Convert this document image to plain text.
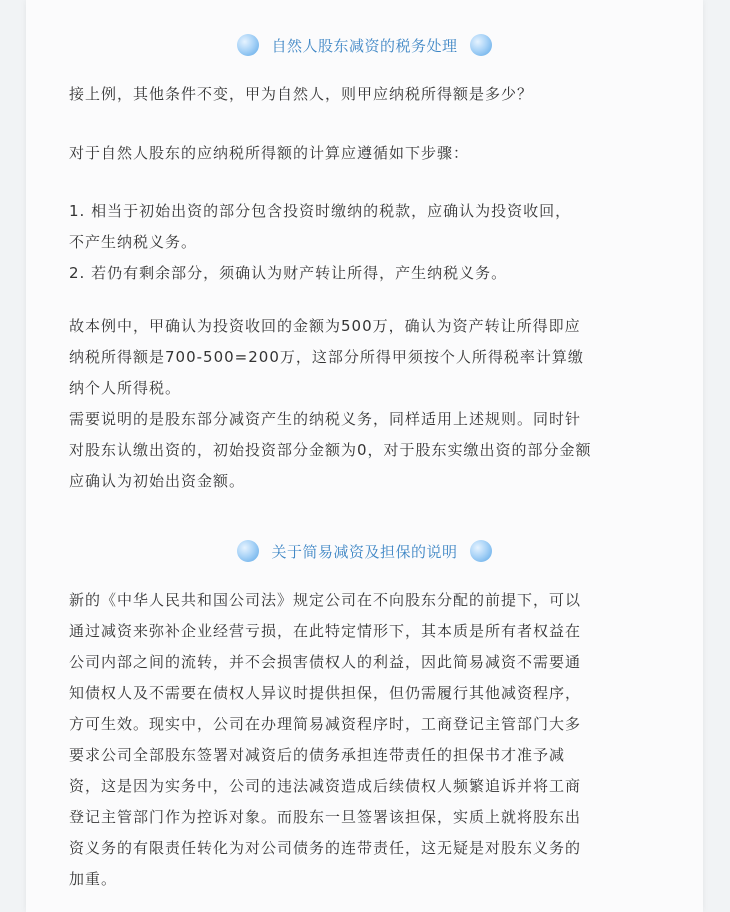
自然人股东减资的税务处理

接上例，其他条件不变，甲为自然人，则甲应纳税所得额是多少？

对于自然人股东的应纳税所得额的计算应遵循如下步骤：

1. 相当于初始出资的部分包含投资时缴纳的税款，应确认为投资收回，
不产生纳税义务。
2. 若仍有剩余部分，须确认为财产转让所得，产生纳税义务。

故本例中，甲确认为投资收回的金额为500万，确认为资产转让所得即应
纳税所得额是700-500=200万，这部分所得甲须按个人所得税率计算缴
纳个人所得税。
需要说明的是股东部分减资产生的纳税义务，同样适用上述规则。同时针
对股东认缴出资的，初始投资部分金额为0，对于股东实缴出资的部分金额
应确认为初始出资金额。

关于简易减资及担保的说明

新的《中华人民共和国公司法》规定公司在不向股东分配的前提下，可以
通过减资来弥补企业经营亏损，在此特定情形下，其本质是所有者权益在
公司内部之间的流转，并不会损害债权人的利益，因此简易减资不需要通
知债权人及不需要在债权人异议时提供担保，但仍需履行其他减资程序，
方可生效。现实中，公司在办理简易减资程序时，工商登记主管部门大多
要求公司全部股东签署对减资后的债务承担连带责任的担保书才准予减
资，这是因为实务中，公司的违法减资造成后续债权人频繁追诉并将工商
登记主管部门作为控诉对象。而股东一旦签署该担保，实质上就将股东出
资义务的有限责任转化为对公司债务的连带责任，这无疑是对股东义务的
加重。
